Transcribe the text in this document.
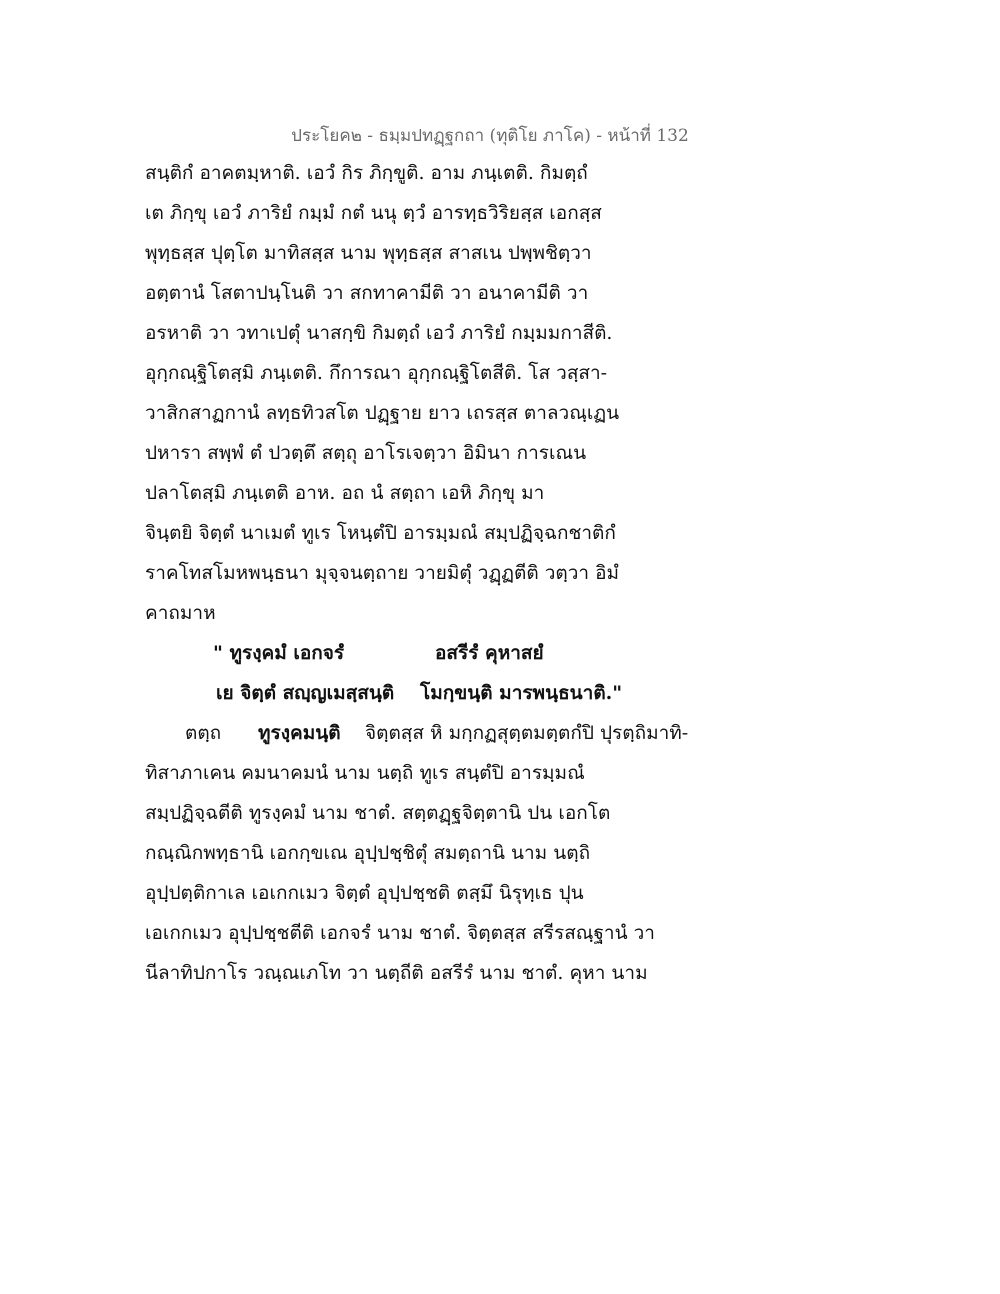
ประโยค๒ - ธมฺมปทฏฺฐกถา (ทุติโย ภาโค) - หน้าที่ 132
สนฺติกํ อาคตมฺหาติ. เอวํ กิร ภิกฺขูติ. อาม ภนฺเตติ. กิมตฺถํ
เต ภิกฺขุ เอวํ ภาริยํ กมฺมํ กตํ นนุ ตฺวํ อารทฺธวิริยสฺส เอกสฺส
พุทฺธสฺส ปุตฺโต มาทิสสฺส นาม พุทฺธสฺส สาสเน ปพฺพชิตฺวา
อตฺตานํ โสตาปนฺโนติ วา สกทาคามีติ วา อนาคามีติ วา
อรหาติ วา วทาเปตุํ นาสกฺขิ กิมตฺถํ เอวํ ภาริยํ กมฺมมกาสีติ.
อุกฺกณฺฐิโตสฺมิ ภนฺเตติ. กึการณา อุกฺกณฺฐิโตสีติ. โส วสฺสา-
วาสิกสาฏกานํ ลทฺธทิวสโต ปฏฺฐาย ยาว เถรสฺส ตาลวณฺเฏน
ปหารา สพฺพํ ตํ ปวตฺตึ สตฺถุ อาโรเจตฺวา อิมินา การเณน
ปลาโตสฺมิ ภนฺเตติ อาห. อถ นํ สตฺถา เอหิ ภิกฺขุ มา
จินฺตยิ จิตฺตํ นาเมตํ ทูเร โหนฺตํปิ อารมฺมณํ สมฺปฏิจฺฉกชาติกํ
ราคโทสโมหพนฺธนา มุจฺจนตฺถาย วายมิตุํ วฏฺฏตีติ วตฺวา อิมํ
คาถมาห
" ทูรงฺคมํ เอกจรํ	อสรีรํ คุหาสยํ
เย จิตฺตํ สญฺญเมสฺสนฺติ โมกฺขนฺติ มารพนฺธนาติ."
ตตฺถ ทูรงฺคมนฺติ จิตฺตสฺส หิ มกฺกฏสุตฺตมตฺตกํปิ ปุรตฺถิมาทิ-
ทิสาภาเคน คมนาคมนํ นาม นตฺถิ ทูเร สนฺตํปิ อารมฺมณํ
สมฺปฏิจฺฉตีติ ทูรงฺคมํ นาม ชาตํ. สตฺตฏฺฐจิตฺตานิ ปน เอกโต
กณฺณิกพทฺธานิ เอกกฺขเณ อุปฺปชฺชิตุํ สมตฺถานิ นาม นตฺถิ
อุปฺปตฺติกาเล เอเกกเมว จิตฺตํ อุปฺปชฺชติ ตสฺมึ นิรุทฺเธ ปุน
เอเกกเมว อุปฺปชฺชตีติ เอกจรํ นาม ชาตํ. จิตฺตสฺส สรีรสณฺฐานํ วา
นีลาทิปกาโร วณฺณเภโท วา นตฺถีติ อสรีรํ นาม ชาตํ. คุหา นาม
